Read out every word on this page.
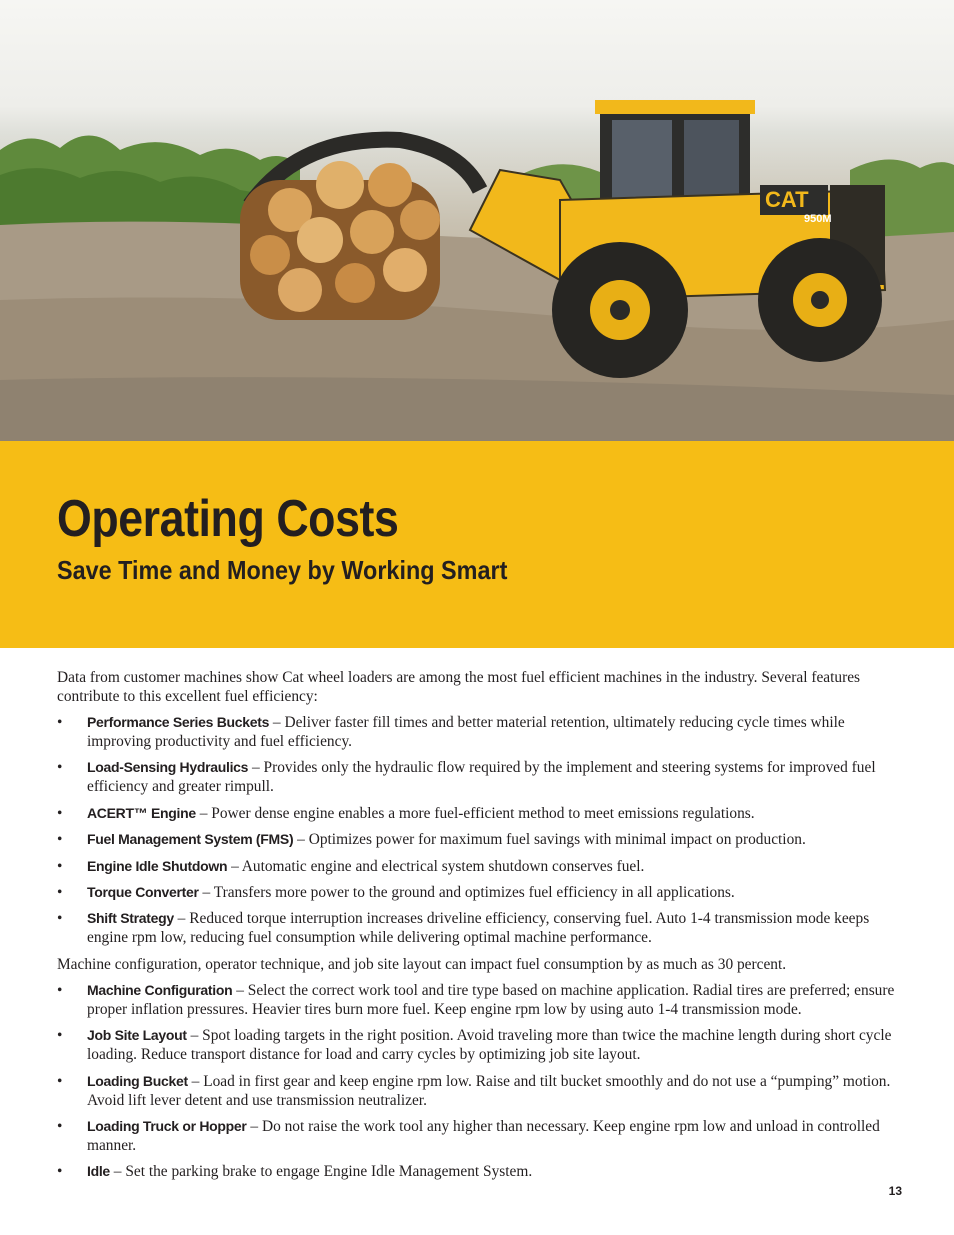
CAT
950M
Operating Costs
Save Time and Money by Working Smart

Data from customer machines show Cat wheel loaders are among the most fuel efficient machines in the industry. Several features contribute to this excellent fuel efficiency:

• Performance Series Buckets – Deliver faster fill times and better material retention, ultimately reducing cycle times while improving productivity and fuel efficiency.
• Load-Sensing Hydraulics – Provides only the hydraulic flow required by the implement and steering systems for improved fuel efficiency and greater rimpull.
• ACERT™ Engine – Power dense engine enables a more fuel-efficient method to meet emissions regulations.
• Fuel Management System (FMS) – Optimizes power for maximum fuel savings with minimal impact on production.
• Engine Idle Shutdown – Automatic engine and electrical system shutdown conserves fuel.
• Torque Converter – Transfers more power to the ground and optimizes fuel efficiency in all applications.
• Shift Strategy – Reduced torque interruption increases driveline efficiency, conserving fuel. Auto 1-4 transmission mode keeps engine rpm low, reducing fuel consumption while delivering optimal machine performance.

Machine configuration, operator technique, and job site layout can impact fuel consumption by as much as 30 percent.

• Machine Configuration – Select the correct work tool and tire type based on machine application. Radial tires are preferred; ensure proper inflation pressures. Heavier tires burn more fuel. Keep engine rpm low by using auto 1-4 transmission mode.
• Job Site Layout – Spot loading targets in the right position. Avoid traveling more than twice the machine length during short cycle loading. Reduce transport distance for load and carry cycles by optimizing job site layout.
• Loading Bucket – Load in first gear and keep engine rpm low. Raise and tilt bucket smoothly and do not use a “pumping” motion. Avoid lift lever detent and use transmission neutralizer.
• Loading Truck or Hopper – Do not raise the work tool any higher than necessary. Keep engine rpm low and unload in controlled manner.
• Idle – Set the parking brake to engage Engine Idle Management System.
13
